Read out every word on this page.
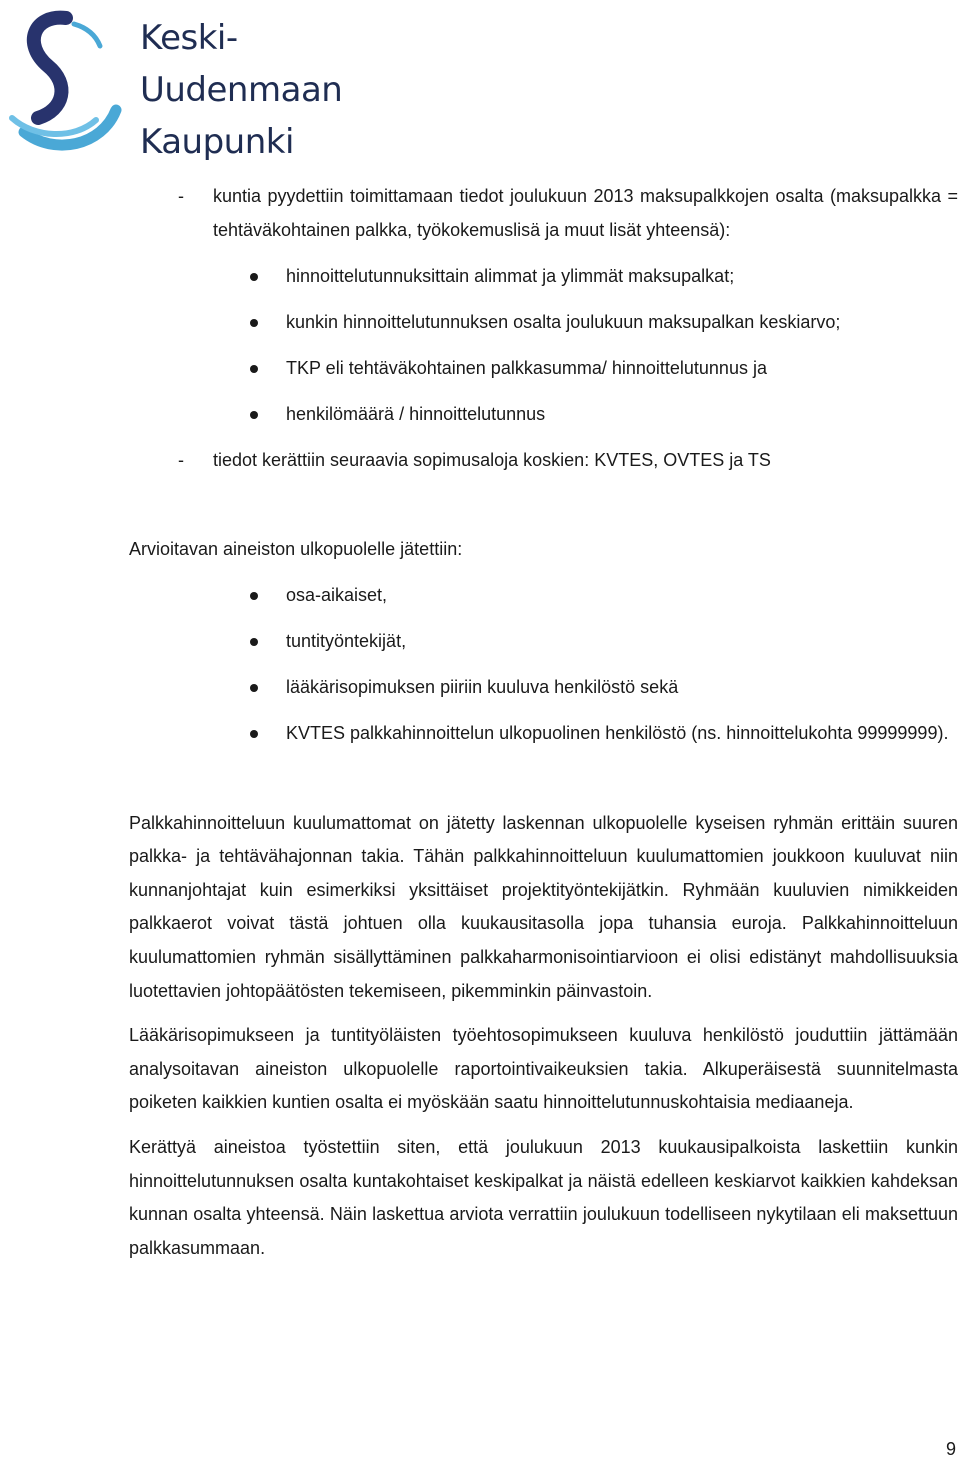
Keski-
Uudenmaan
Kaupunki
- kuntia pyydettiin toimittamaan tiedot joulukuun 2013 maksupalkkojen osalta (maksupalkka = tehtäväkohtainen palkka, työkokemuslisä ja muut lisät yhteensä):
hinnoittelutunnuksittain alimmat ja ylimmät maksupalkat;
kunkin hinnoittelutunnuksen osalta joulukuun maksupalkan keskiarvo;
TKP eli tehtäväkohtainen palkkasumma/ hinnoittelutunnus ja
henkilömäärä / hinnoittelutunnus
- tiedot kerättiin seuraavia sopimusaloja koskien: KVTES, OVTES ja TS

Arvioitavan aineiston ulkopuolelle jätettiin:

osa-aikaiset,
tuntityöntekijät,
lääkärisopimuksen piiriin kuuluva henkilöstö sekä
KVTES palkkahinnoittelun ulkopuolinen henkilöstö (ns. hinnoittelukohta 99999999).

Palkkahinnoitteluun kuulumattomat on jätetty laskennan ulkopuolelle kyseisen ryhmän erittäin suuren palkka- ja tehtävähajonnan takia. Tähän palkkahinnoitteluun kuulumattomien joukkoon kuuluvat niin kunnanjohtajat kuin esimerkiksi yksittäiset projektityöntekijätkin. Ryhmään kuuluvien nimikkeiden palkkaerot voivat tästä johtuen olla kuukausitasolla jopa tuhansia euroja. Palkkahinnoitteluun kuulumattomien ryhmän sisällyttäminen palkkaharmonisointiarvioon ei olisi edistänyt mahdollisuuksia luotettavien johtopäätösten tekemiseen, pikemminkin päinvastoin.

Lääkärisopimukseen ja tuntityöläisten työehtosopimukseen kuuluva henkilöstö jouduttiin jättämään analysoitavan aineiston ulkopuolelle raportointivaikeuksien takia. Alkuperäisestä suunnitelmasta poiketen kaikkien kuntien osalta ei myöskään saatu hinnoittelutunnuskohtaisia mediaaneja.

Kerättyä aineistoa työstettiin siten, että joulukuun 2013 kuukausipalkoista laskettiin kunkin hinnoittelutunnuksen osalta kuntakohtaiset keskipalkat ja näistä edelleen keskiarvot kaikkien kahdeksan kunnan osalta yhteensä. Näin laskettua arviota verrattiin joulukuun todelliseen nykytilaan eli maksettuun palkkasummaan.

9
